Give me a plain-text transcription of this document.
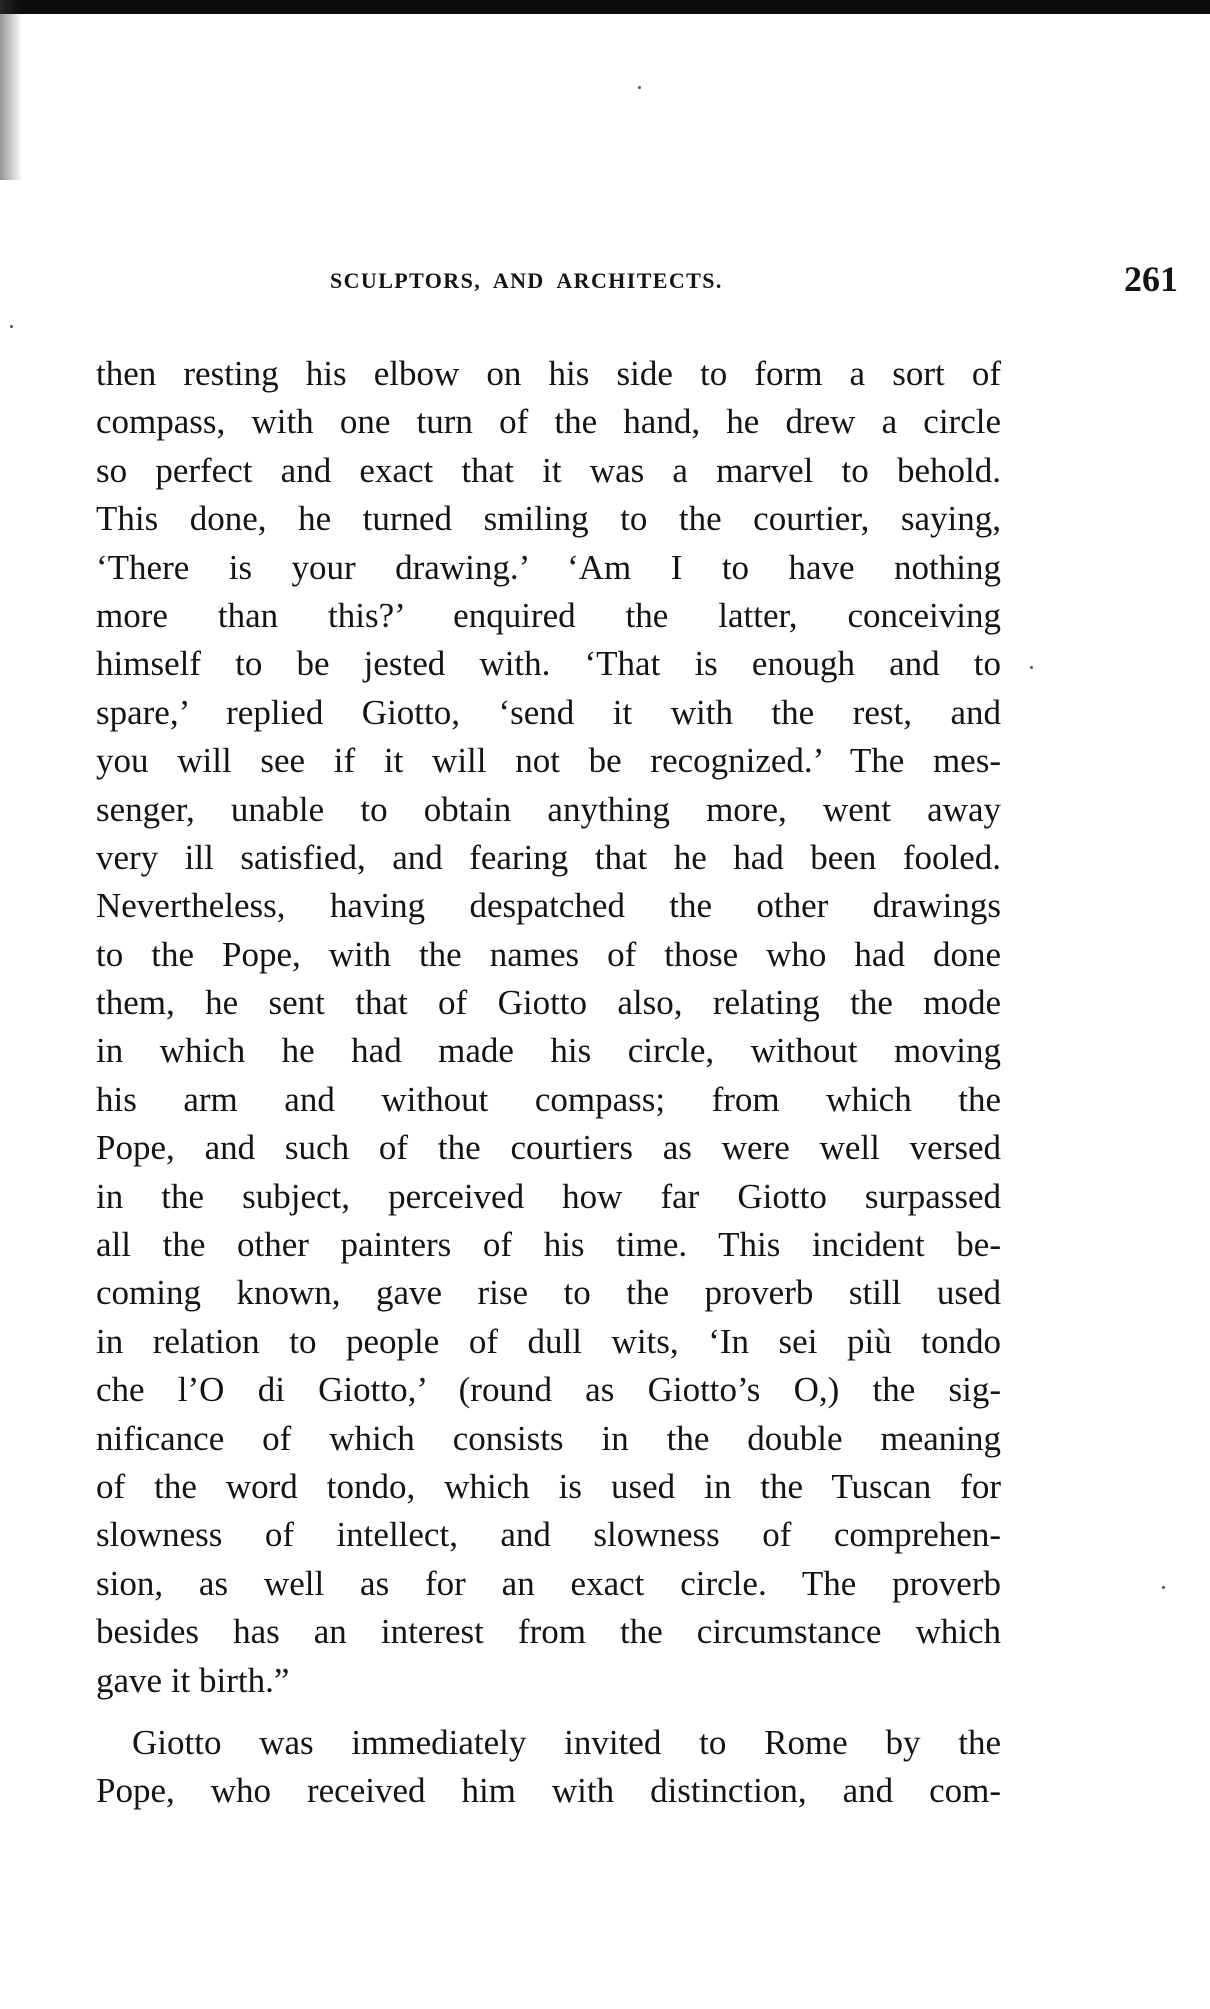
SCULPTORS, AND ARCHITECTS.	261
then resting his elbow on his side to form a sort of
compass, with one turn of the hand, he drew a circle
so perfect and exact that it was a marvel to behold.
This done, he turned smiling to the courtier, saying,
‘There is your drawing.’ ‘Am I to have nothing
more than this?’ enquired the latter, conceiving
himself to be jested with. ‘That is enough and to
spare,’ replied Giotto, ‘send it with the rest, and
you will see if it will not be recognized.’ The mes-
senger, unable to obtain anything more, went away
very ill satisfied, and fearing that he had been fooled.
Nevertheless, having despatched the other drawings
to the Pope, with the names of those who had done
them, he sent that of Giotto also, relating the mode
in which he had made his circle, without moving
his arm and without compass; from which the
Pope, and such of the courtiers as were well versed
in the subject, perceived how far Giotto surpassed
all the other painters of his time. This incident be-
coming known, gave rise to the proverb still used
in relation to people of dull wits, ‘In sei più tondo
che l’O di Giotto,’ (round as Giotto’s O,) the sig-
nificance of which consists in the double meaning
of the word tondo, which is used in the Tuscan for
slowness of intellect, and slowness of comprehen-
sion, as well as for an exact circle. The proverb
besides has an interest from the circumstance which
gave it birth.”
Giotto was immediately invited to Rome by the
Pope, who received him with distinction, and com-
